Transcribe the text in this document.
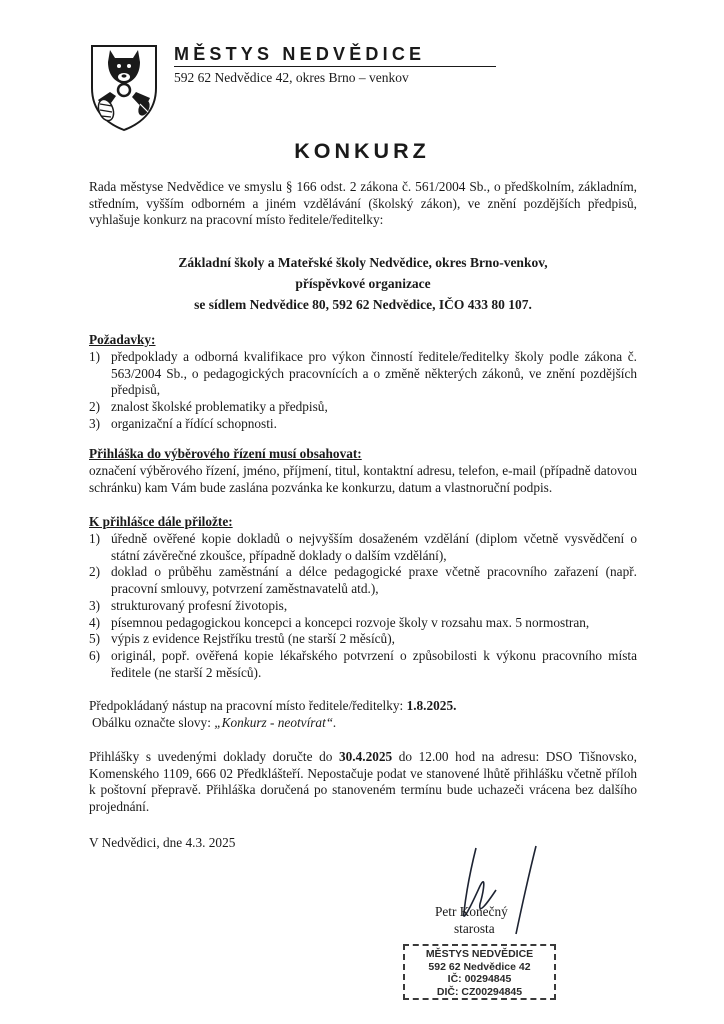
MĚSTYS NEDVĚDICE
592 62 Nedvědice 42, okres Brno – venkov
KONKURZ
Rada městyse Nedvědice ve smyslu § 166 odst. 2 zákona č. 561/2004 Sb., o předškolním, základním, středním, vyšším odborném a jiném vzdělávání (školský zákon), ve znění pozdějších předpisů, vyhlašuje konkurz na pracovní místo ředitele/ředitelky:
Základní školy a Mateřské školy Nedvědice, okres Brno-venkov,
příspěvkové organizace
se sídlem Nedvědice 80, 592 62 Nedvědice, IČO 433 80 107.
Požadavky:
1) předpoklady a odborná kvalifikace pro výkon činností ředitele/ředitelky školy podle zákona č. 563/2004 Sb., o pedagogických pracovnících a o změně některých zákonů, ve znění pozdějších předpisů,
2) znalost školské problematiky a předpisů,
3) organizační a řídící schopnosti.
Přihláška do výběrového řízení musí obsahovat:
označení výběrového řízení, jméno, příjmení, titul, kontaktní adresu, telefon, e-mail (případně datovou schránku) kam Vám bude zaslána pozvánka ke konkurzu, datum a vlastnoruční podpis.
K přihlášce dále přiložte:
1) úředně ověřené kopie dokladů o nejvyšším dosaženém vzdělání (diplom včetně vysvědčení o státní závěrečné zkoušce, případně doklady o dalším vzdělání),
2) doklad o průběhu zaměstnání a délce pedagogické praxe včetně pracovního zařazení (např. pracovní smlouvy, potvrzení zaměstnavatelů atd.),
3) strukturovaný profesní životopis,
4) písemnou pedagogickou koncepci a koncepci rozvoje školy v rozsahu max. 5 normostran,
5) výpis z evidence Rejstříku trestů (ne starší 2 měsíců),
6) originál, popř. ověřená kopie lékařského potvrzení o způsobilosti k výkonu pracovního místa ředitele (ne starší 2 měsíců).
Předpokládaný nástup na pracovní místo ředitele/ředitelky: 1.8.2025.
Obálku označte slovy: „Konkurz - neotvírat“.
Přihlášky s uvedenými doklady doručte do 30.4.2025 do 12.00 hod na adresu: DSO Tišnovsko, Komenského 1109, 666 02 Předklášteří. Nepostačuje podat ve stanovené lhůtě přihlášku včetně příloh k poštovní přepravě. Přihláška doručená po stanoveném termínu bude uchazeči vrácena bez dalšího projednání.
V Nedvědici, dne 4.3. 2025
Petr Konečný
starosta
MĚSTYS NEDVĚDICE
592 62 Nedvědice 42
IČ: 00294845
DIČ: CZ00294845
